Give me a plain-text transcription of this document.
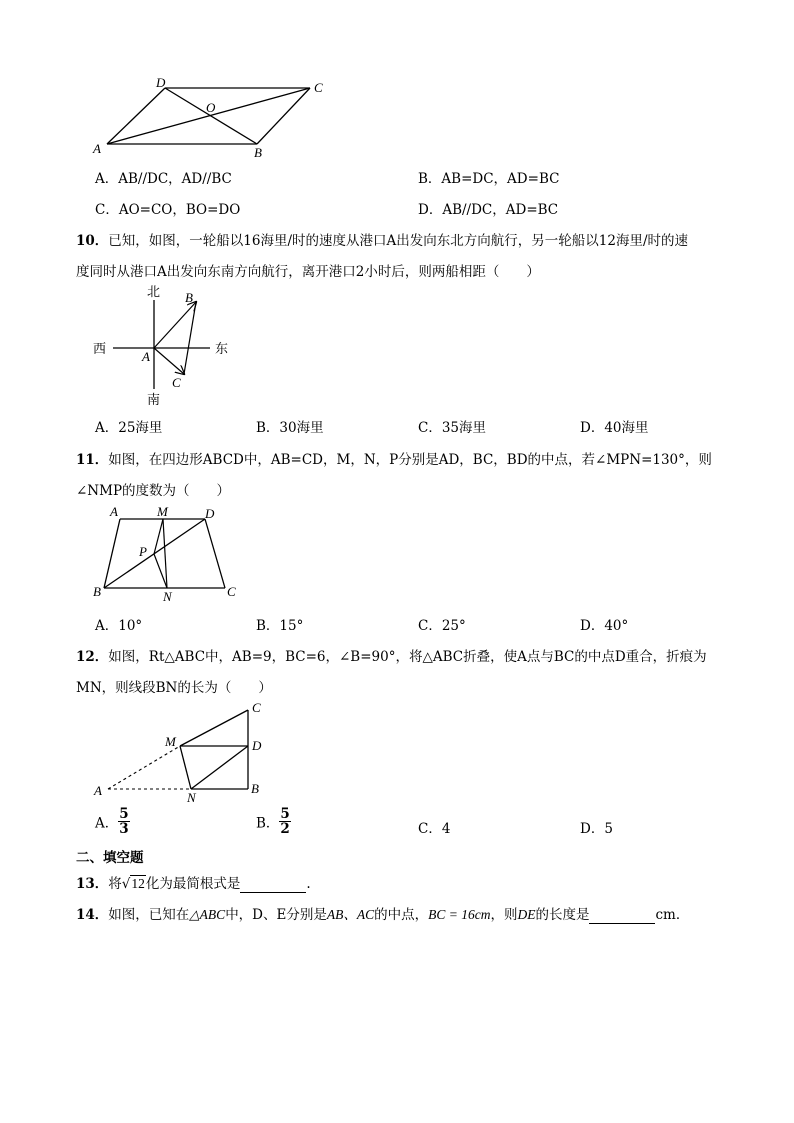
D	C
O
A	B
A．AB//DC，AD//BC	B．AB=DC，AD=BC
C．AO=CO，BO=DO	D．AB//DC，AD=BC
10．已知，如图，一轮船以16海里/时的速度从港口A出发向东北方向航行，另一轮船以12海里/时的速
度同时从港口A出发向东南方向航行，离开港口2小时后，则两船相距（　　）
北 B
西
A
东
C
南
A．25海里	B．30海里	C．35海里	D．40海里
11．如图，在四边形ABCD中，AB=CD，M，N，P分别是AD，BC，BD的中点，若∠MPN=130°，则
∠NMP的度数为（　　）
A	M	D
P
B	N	C
A．10°	B．15°	C．25°	D．40°
12．如图，Rt△ABC中，AB=9，BC=6，∠B=90°，将△ABC折叠，使A点与BC的中点D重合，折痕为
MN，则线段BN的长为（　　）
C
M	D
A	N
B
A． $\frac{5}{3}$	B． $\frac{5}{2}$	C．4	D．5
二、填空题
13．将√12化为最简根式是	.
14．如图，已知在△ABC中，D、E分别是AB、AC的中点，BC = 16cm，则DE的长度是	cm．
